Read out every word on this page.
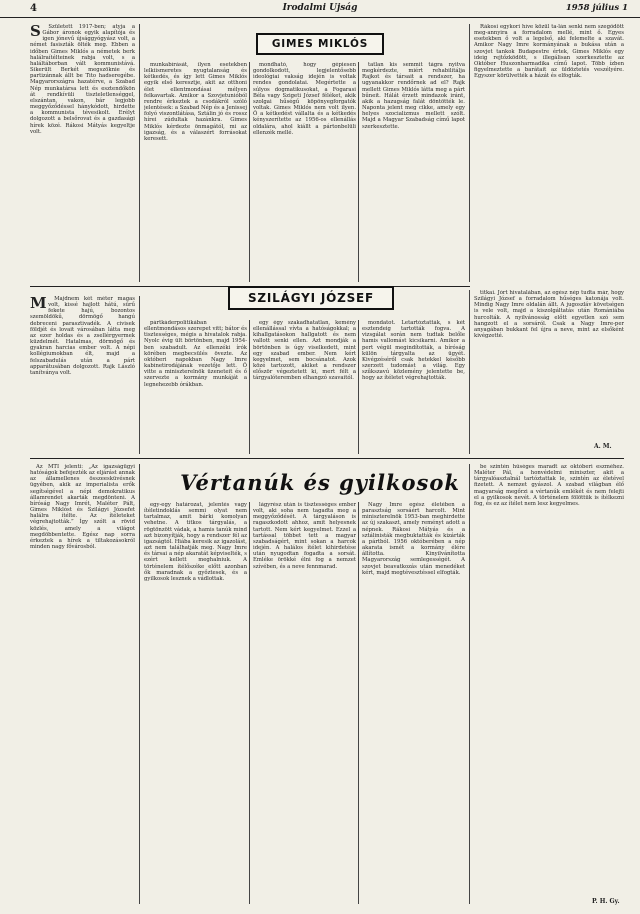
4	Irodalmi Ujság	1958 július 1
GIMES MIKLÓS
S	Született 1917-ben; atyja a Gábor áronok egyik alapítója és igen jónevű újsággyógyász volt, a német fasiszták ölték meg. Ebben a időben Gimes Miklós a németek berk halálraítélteinek rabja volt, s a haláltáborban vált kommunistává. Sikerült Berkét megszöknie és partizánnak állt be Tito hadseregébe. Magyarországra hazatérve, a Szabad Nép munkatársa lett és esztendőkön át rendkívüli tiszteletlenséggel, elszántan, vakon, bár legjobb meggyőződéssel hánykódott, hirdette a kommunista tévesikolt. Erélyt dolgozott a belsőrovat és a gazdasági hírek közé. Rákosi Mátyás kegyeltje volt.

munkabírását, ilyen esetekben lelkiismeretes nyugtalanság és kétkedés, és így lett Gimes Miklós egyik első keresztje, akit az otthoni élet ellentmondásai mélyen felkavartak. Amikor a Szovjetunióból rendre érkeztek a csodákról szóló jelentések: a Szabad Nép és a Jenissej folyó viszontlátása, Sztálin jó és rossz hírei zúdultak hazánkra. Gimes Miklós kérdezte önmagától, mi az igazság, és a válaszért forrásokat keresett.

mondható, hogy gépiesen gondolkodott, legjelentősebb ideológiai vakság idején is voltak rendes gondolatai. Megértette a súlyos dogmatikusokat, a Fogarasi Béla vagy Szigeti József féléket, akik szolgai hűségű köpönyegforgatók voltak. Gimes Miklós nem volt ilyen. Ő a kétkedést vállalta és a kétkedés kényszerítette az 1956-os ellenállás oldalára, ahol kiállt a pártonbelüli ellenzék mellé.

tatlan kis semmit tágra nyitva megkérdezte, miért rehabilitálja Rajkot és társait a rendszer, ha ugyanakkor rendőrnek ad el? Rajk mellett Gimes Miklós látta meg a párt bűneit. Hálát érzett mindazok iránt, akik a hazugság falát döntötték le. Naponta jelent meg cikke, amely egy helyes szocializmus mellett szólt. Majd a Magyar Szabadság című lapot szerkesztette.

Rákosi egykori híve közül ta-lán senki nem szegődött meg-annyira a forradalom mellé, mint ő. Egyes esetekben ő volt a legelső, aki felemelte a szavát. Amikor Nagy Imre kormányának a bukása után a szovjet tankok Budapestre értek, Gimes Miklós egy ideig rejtőzködött, s illegálisan szerkesztette az Október Huszonharmadika című lapot. Több ízben figyelmeztette a barátait az üldöztetés veszélyére. Egyszer körülvették a házát és elfogták.

SZILÁGYI JÓZSEF
M	Majdnem két méter magas volt, kissé hajlott hátú, sűrű fekete hajú, bozontos szemöldökű, dörmögő hangú debreceni parasztivadék. A civisek földjét és lovait városában látta meg az ezer holdas és a zsellérgyermek küzdelmét. Hatalmas, dörmögő és gyakran harcias ember volt. A népi kollégiumokban élt, majd a felszabadulás után a párt apparátusában dolgozott. Rajk László tanítványa volt.

pártkáderpolitikában ellentmondásos szerepet vitt; bátor és tisztességes, mégis a hivatalok rabja. Nyolc évig ült börtönben, majd 1954-ben szabadult. Az ellenzéki írók körében megbecsülés övezte. Az októberi napokban Nagy Imre kabinetirodájának vezetője lett. Ő vitte a miniszterelnök üzeneteit és ő szervezte a kormány munkáját a legnehezebb órákban.

egy égy szakadhatatlan, kemény ellenállással vívta a hatóságokkal; a kihallgatásokon hallgatott és nem vallott senki ellen. Azt mondják a börtönben is úgy viselkedett, mint egy szabad ember. Nem kért kegyelmet, sem bocsánatot. Azok közé tartozott, akiket a rendszer először végeztetett ki, mert félt a tárgyalóteremben elhangzó szavaitól.

mondatot. Letartóztatták, s két esztendeig tartották fogva. A vizsgálat során nem tudtak belőle hamis vallomást kicsikarni. Amikor a pert végül megindították, a bíróság külön tárgyalta az ügyét. Kivégzéséről csak hetekkel később szerzett tudomást a világ. Egy szűkszavú közlemény jelentette be, hogy az ítéletet végrehajtották.

titkai. Jórt hivatalában, az egész nép tudta már, hogy Szilágyi József a forradalom hűséges katonája volt. Mindig Nagy Imre oldalán állt. A jugoszláv követségen is vele volt, majd a kiszolgáltatás után Romániába hurcolták. A nyilvánosság előtt egyetlen szó sem hangzott el a sorsáról. Csak a Nagy Imre-per anyagában bukkant fel újra a neve, mint az elsőként kivégzetté.

A. M.
Vértanúk és gyilkosok

Az MTI jelenti: „Az igazságügyi hatóságok befejezték az eljárást annak az államellenes összeesküvésnek ügyében, akik az imperialista erők segítségével a népi demokratikus államrendet akarták megdönteni. A bíróság Nagy Imrét, Maléter Pált, Gimes Miklóst és Szilágyi Józsefet halálra ítélte. Az ítéleteket végrehajtották.” Így szólt a rövid közlés, amely a világot megdöbbentette. Egész nap sorra érkeztek a hírek a tiltakozásokról minden nagy fővárosból.

egy-egy határozat, jelentés vagy ítéletindoklás semmi olyat nem tartalmaz, amit bárki komolyan vehetne. A titkos tárgyalás, a rögtönzött vádak, a hamis tanúk mind azt bizonyítják, hogy a rendszer fél az igazságtól. Hiába keresik az igazolást, azt nem találhatják meg. Nagy Imre és társai a nép akaratát képviselték, s ezért kellett meghalniuk. A történelem ítélőszéke előtt azonban ők maradnak a győztesek, és a gyilkosok lesznek a vádlottak.

lágyrész után is tisztességes ember volt, aki soha nem tagadta meg a meggyőződését. A tárgyaláson is ragaszkodott ahhoz, amit helyesnek tartott. Nem kért kegyelmet. Ezzel a tartással többet tett a magyar szabadságért, mint sokan a harcok idején. A halálos ítélet kihirdetése után nyugodtan fogadta a sorsát. Emléke örökké élni fog a nemzet szívében, és a neve fennmarad.

Nagy Imre egész életében a parasztság sorsáért harcolt. Mint miniszterelnök 1953-ban meghirdette az új szakaszt, amely reményt adott a népnek. Rákosi Mátyás és a sztálinisták megbuktatták és kizárták a pártból. 1956 októberében a nép akarata ismét a kormány élére állította. Kinyilvánította Magyarország semlegességét. A szovjet beavatkozás után menedéket kért, majd megtévesztéssel elfogták.

be szintén hűséges maradt az októberi eszméhez. Maléter Pál, a honvédelmi miniszter, akit a tárgyalóasztalnál tartóztattak le, szintén az életével fizetett. A nemzet gyászol. A szabad világban élő magyarság megőrzi a vértanúk emlékét és nem felejti el a gyilkosok nevét. A történelem fölöttük is ítélkezni fog, és ez az ítélet nem lesz kegyelmes.

P. H. Gy.
